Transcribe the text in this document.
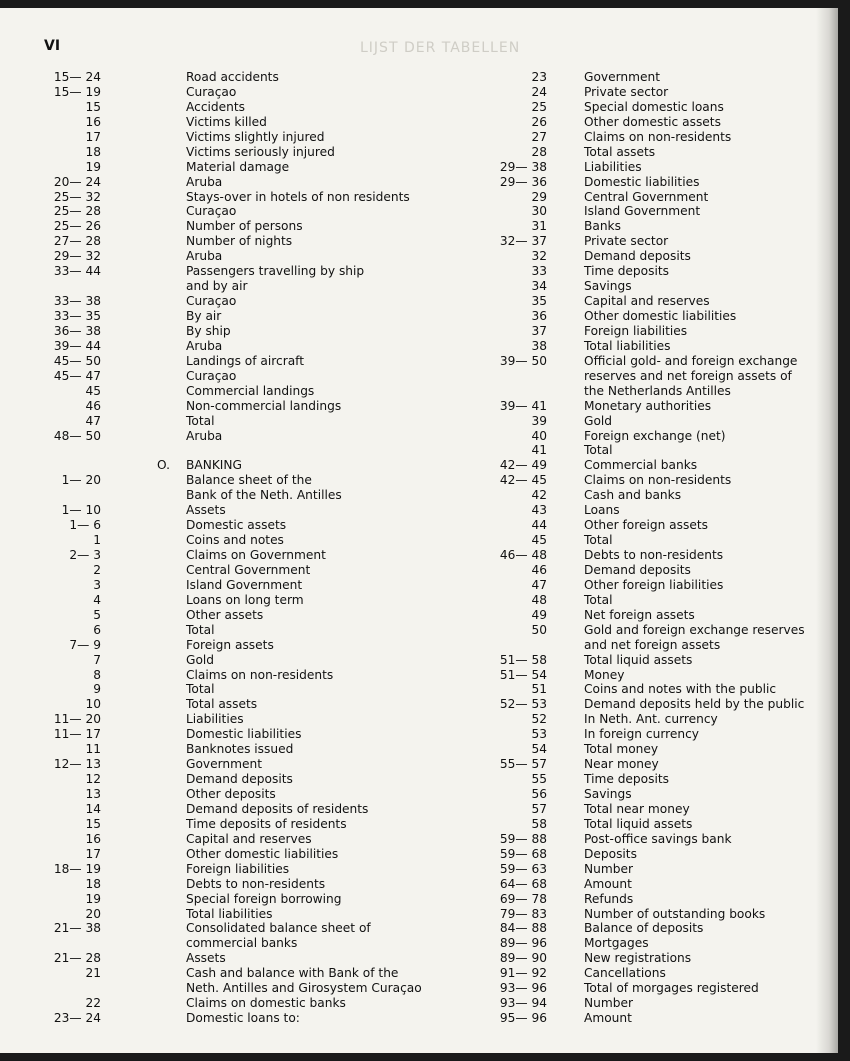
VI	LIJST DER TABELLEN
15— 24	Road accidents
15— 19	Curaçao
15	Accidents
16	Victims killed
17	Victims slightly injured
18	Victims seriously injured
19	Material damage
20— 24	Aruba
25— 32	Stays-over in hotels of non residents
25— 28	Curaçao
25— 26	Number of persons
27— 28	Number of nights
29— 32	Aruba
33— 44	Passengers travelling by ship
and by air
33— 38	Curaçao
33— 35	By air
36— 38	By ship
39— 44	Aruba
45— 50	Landings of aircraft
45— 47	Curaçao
45	Commercial landings
46	Non-commercial landings
47	Total
48— 50	Aruba
O. BANKING
1— 20	Balance sheet of the
Bank of the Neth. Antilles
1— 10	Assets
1— 6	Domestic assets
1	Coins and notes
2— 3	Claims on Government
2	Central Government
3	Island Government
4	Loans on long term
5	Other assets
6	Total
7— 9	Foreign assets
7	Gold
8	Claims on non-residents
9	Total
10	Total assets
11— 20	Liabilities
11— 17	Domestic liabilities
11	Banknotes issued
12— 13	Government
12	Demand deposits
13	Other deposits
14	Demand deposits of residents
15	Time deposits of residents
16	Capital and reserves
17	Other domestic liabilities
18— 19	Foreign liabilities
18	Debts to non-residents
19	Special foreign borrowing
20	Total liabilities
21— 38	Consolidated balance sheet of
commercial banks
21— 28	Assets
21	Cash and balance with Bank of the
Neth. Antilles and Girosystem Curaçao
22	Claims on domestic banks
23— 24	Domestic loans to:
23	Government
24	Private sector
25	Special domestic loans
26	Other domestic assets
27	Claims on non-residents
28	Total assets
29— 38	Liabilities
29— 36	Domestic liabilities
29	Central Government
30	Island Government
31	Banks
32— 37	Private sector
32	Demand deposits
33	Time deposits
34	Savings
35	Capital and reserves
36	Other domestic liabilities
37	Foreign liabilities
38	Total liabilities
39— 50	Official gold- and foreign exchange
reserves and net foreign assets of
the Netherlands Antilles
39— 41	Monetary authorities
39	Gold
40	Foreign exchange (net)
41	Total
42— 49	Commercial banks
42— 45	Claims on non-residents
42	Cash and banks
43	Loans
44	Other foreign assets
45	Total
46— 48	Debts to non-residents
46	Demand deposits
47	Other foreign liabilities
48	Total
49	Net foreign assets
50	Gold and foreign exchange reserves
and net foreign assets
51— 58	Total liquid assets
51— 54	Money
51	Coins and notes with the public
52— 53	Demand deposits held by the public
52	In Neth. Ant. currency
53	In foreign currency
54	Total money
55— 57	Near money
55	Time deposits
56	Savings
57	Total near money
58	Total liquid assets
59— 88	Post-office savings bank
59— 68	Deposits
59— 63	Number
64— 68	Amount
69— 78	Refunds
79— 83	Number of outstanding books
84— 88	Balance of deposits
89— 96	Mortgages
89— 90	New registrations
91— 92	Cancellations
93— 96	Total of morgages registered
93— 94	Number
95— 96	Amount
